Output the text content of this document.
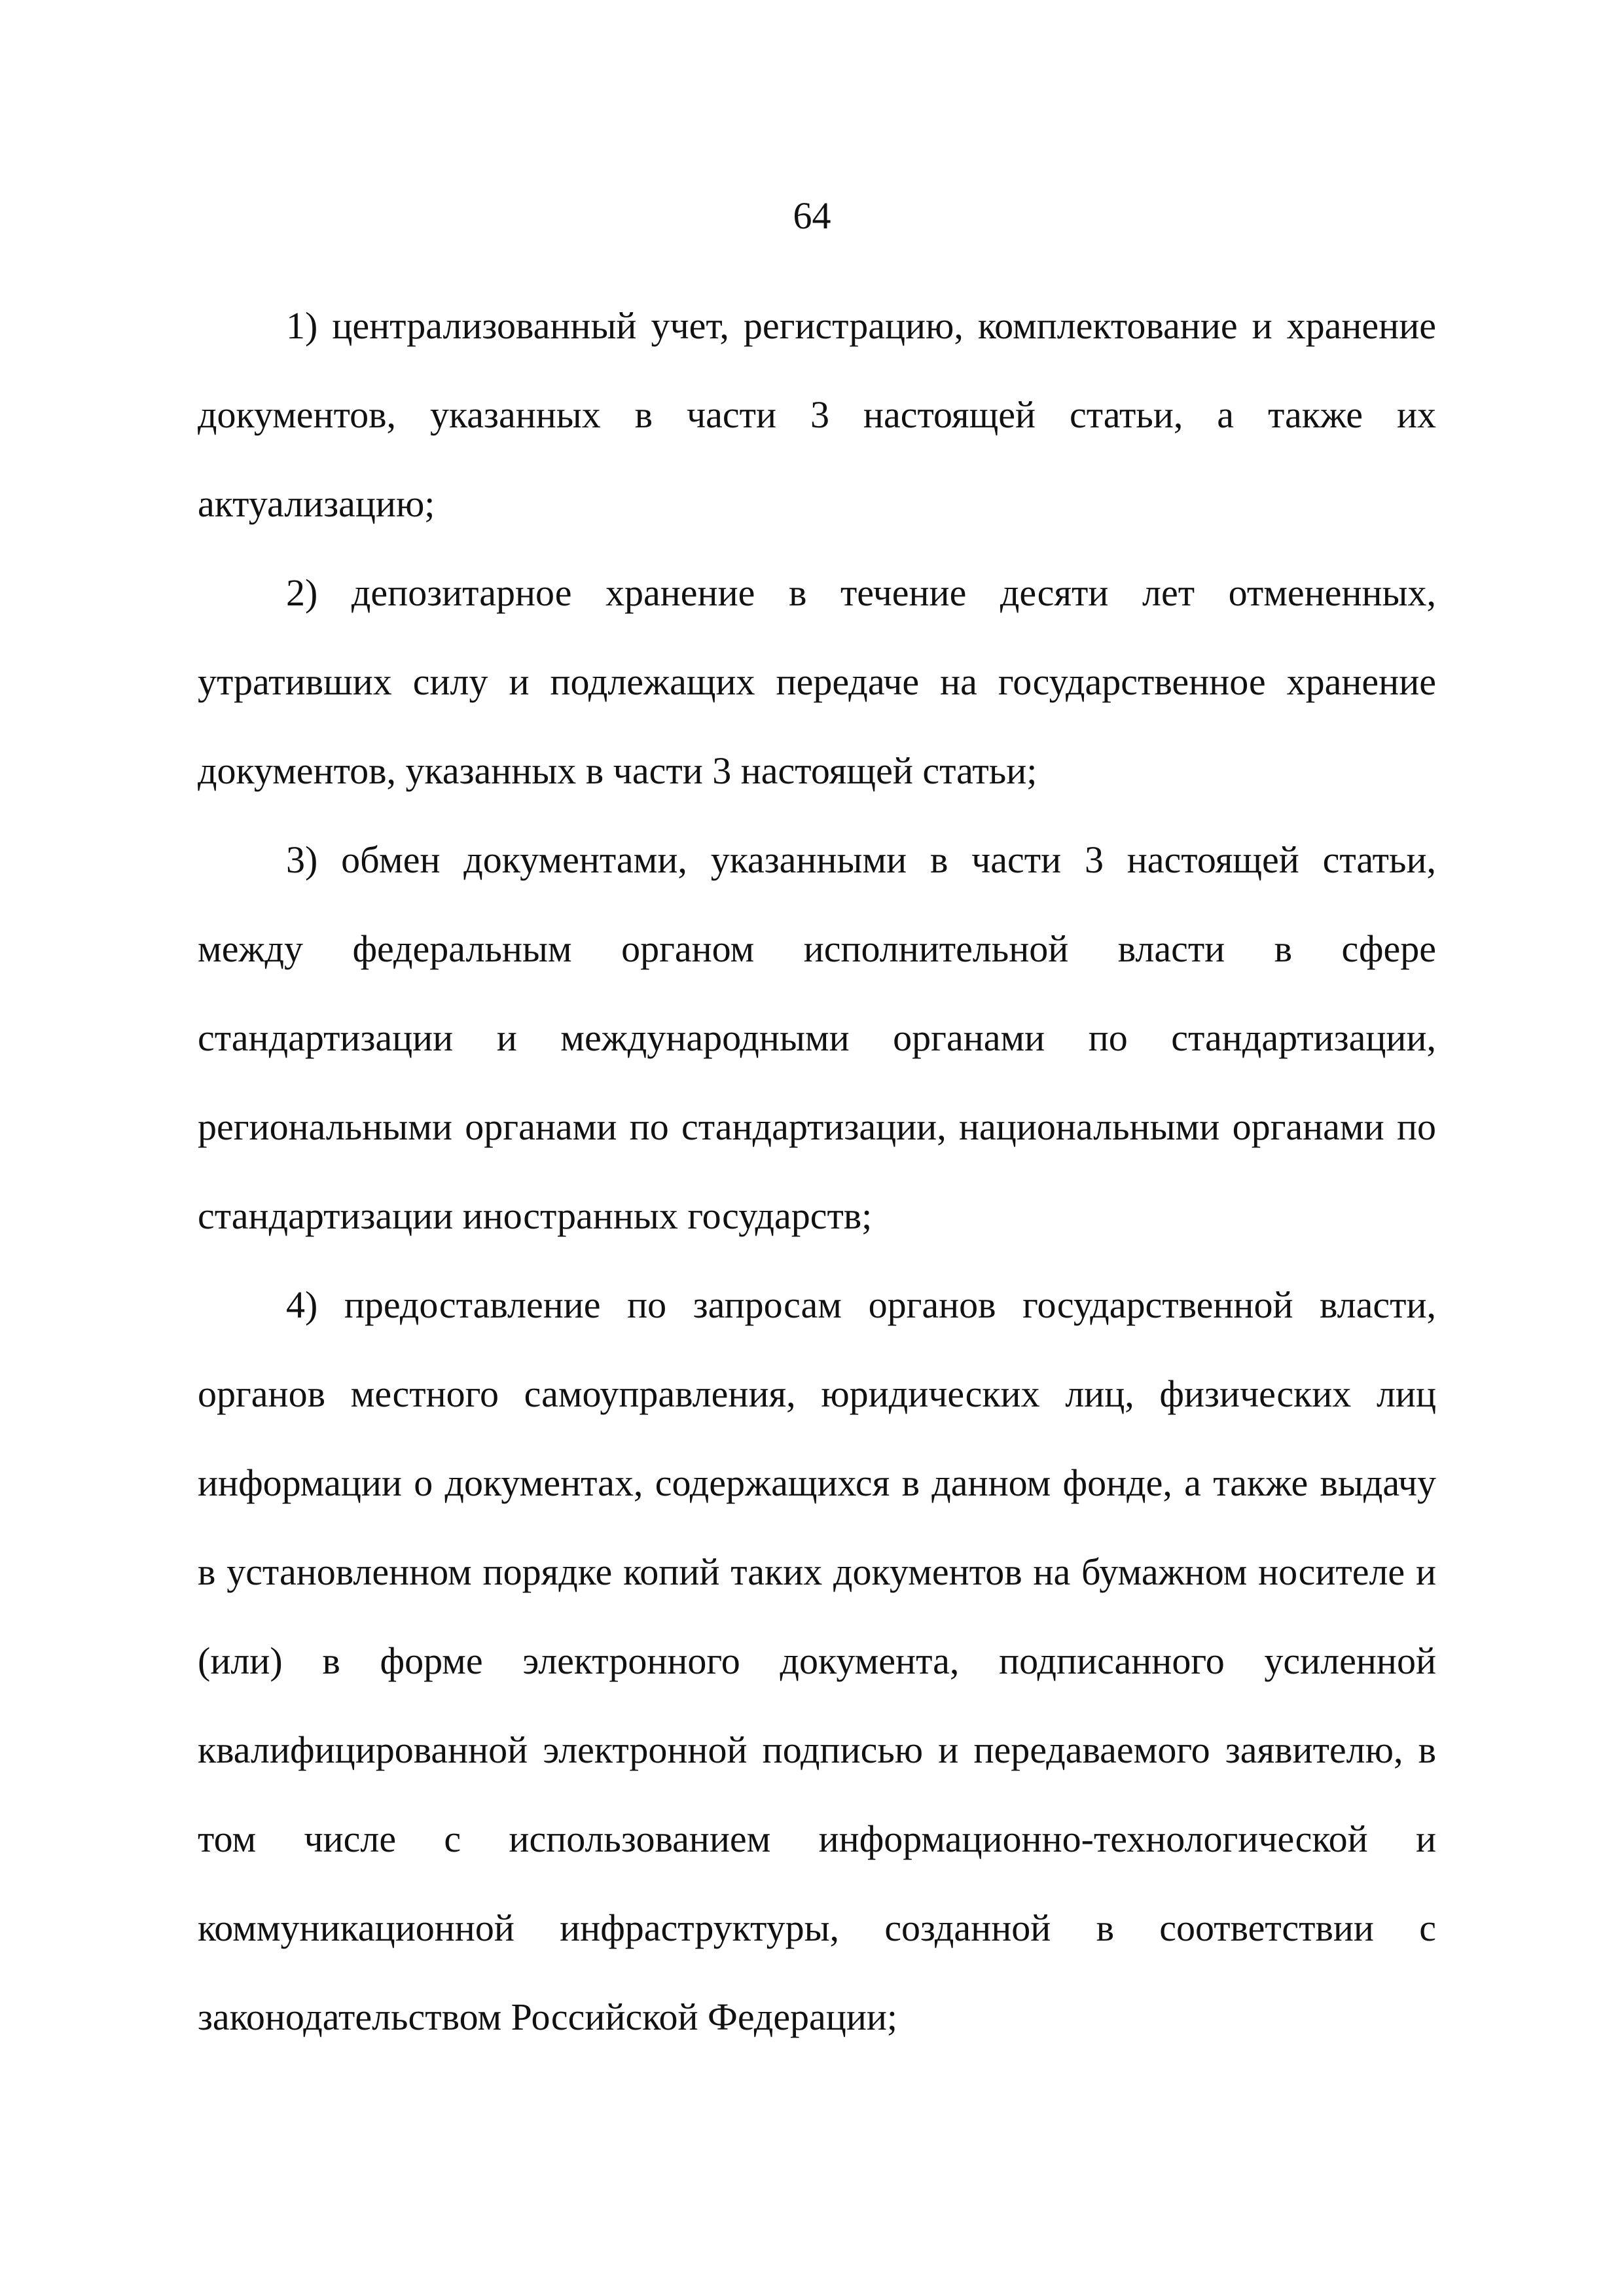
64

1) централизованный учет, регистрацию, комплектование и хранение документов, указанных в части 3 настоящей статьи, а также их актуализацию;

2) депозитарное хранение в течение десяти лет отмененных, утративших силу и подлежащих передаче на государственное хранение документов, указанных в части 3 настоящей статьи;

3) обмен документами, указанными в части 3 настоящей статьи, между федеральным органом исполнительной власти в сфере стандартизации и международными органами по стандартизации, региональными органами по стандартизации, национальными органами по стандартизации иностранных государств;

4) предоставление по запросам органов государственной власти, органов местного самоуправления, юридических лиц, физических лиц информации о документах, содержащихся в данном фонде, а также выдачу в установленном порядке копий таких документов на бумажном носителе и (или) в форме электронного документа, подписанного усиленной квалифицированной электронной подписью и передаваемого заявителю, в том числе с использованием информационно-технологической и коммуникационной инфраструктуры, созданной в соответствии с законодательством Российской Федерации;
